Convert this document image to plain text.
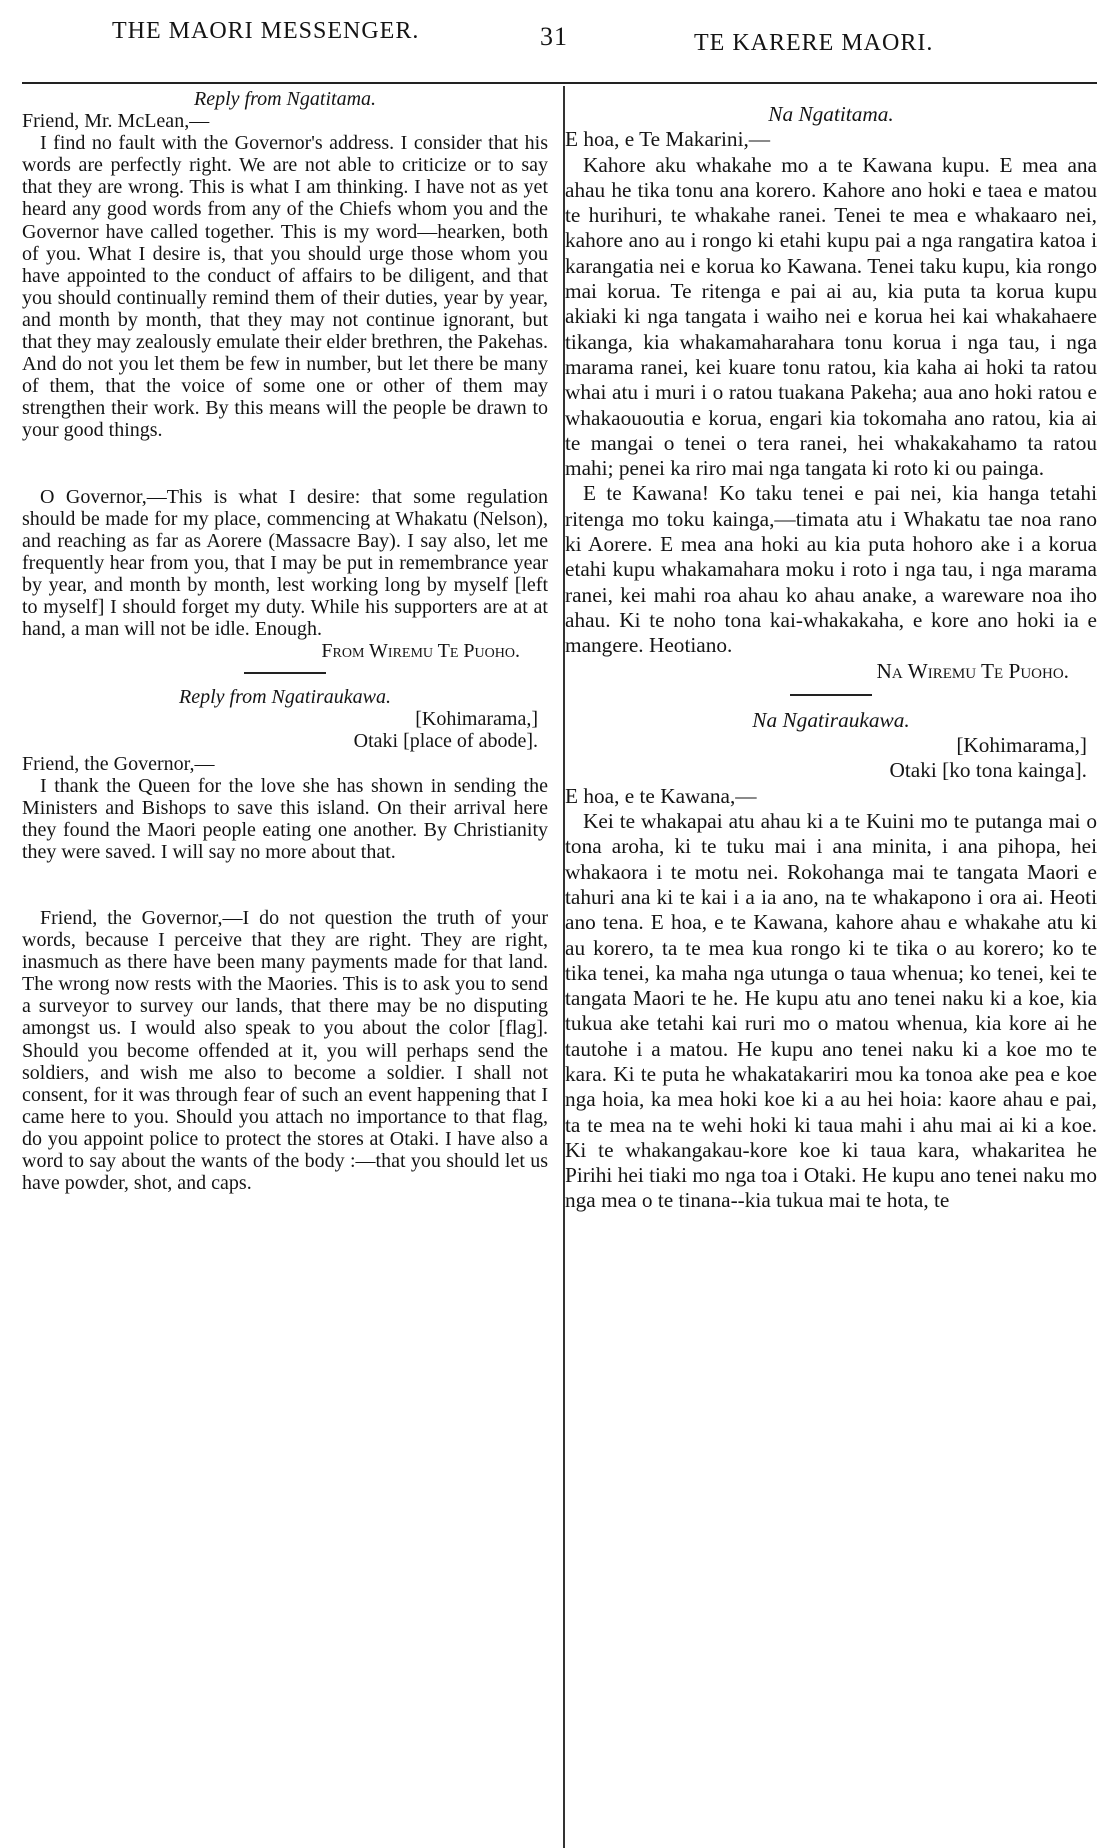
THE MAORI MESSENGER.	31	TE KARERE MAORI.

Reply from Ngatitama.

Friend, Mr. McLean,—

I find no fault with the Governor's address. I consider that his words are perfectly right. We are not able to criticize or to say that they are wrong. This is what I am thinking. I have not as yet heard any good words from any of the Chiefs whom you and the Governor have called together. This is my word—hearken, both of you. What I desire is, that you should urge those whom you have appointed to the conduct of affairs to be diligent, and that you should continually remind them of their duties, year by year, and month by month, that they may not continue ignorant, but that they may zealously emulate their elder brethren, the Pakehas. And do not you let them be few in number, but let there be many of them, that the voice of some one or other of them may strengthen their work. By this means will the people be drawn to your good things.

O Governor,—This is what I desire: that some regulation should be made for my place, commencing at Whakatu (Nelson), and reaching as far as Aorere (Massacre Bay). I say also, let me frequently hear from you, that I may be put in remembrance year by year, and month by month, lest working long by myself [left to myself] I should forget my duty. While his supporters are at at hand, a man will not be idle. Enough.

From Wiremu Te Puoho.

Reply from Ngatiraukawa.

[Kohimarama,]

Otaki [place of abode].

Friend, the Governor,—

I thank the Queen for the love she has shown in sending the Ministers and Bishops to save this island. On their arrival here they found the Maori people eating one another. By Christianity they were saved. I will say no more about that.

Friend, the Governor,—I do not question the truth of your words, because I perceive that they are right. They are right, inasmuch as there have been many payments made for that land. The wrong now rests with the Maories. This is to ask you to send a surveyor to survey our lands, that there may be no disputing amongst us. I would also speak to you about the color [flag]. Should you become offended at it, you will perhaps send the soldiers, and wish me also to become a soldier. I shall not consent, for it was through fear of such an event happening that I came here to you. Should you attach no importance to that flag, do you appoint police to protect the stores at Otaki. I have also a word to say about the wants of the body :—that you should let us have powder, shot, and caps.

Na Ngatitama.

E hoa, e Te Makarini,—

Kahore aku whakahe mo a te Kawana kupu. E mea ana ahau he tika tonu ana korero. Kahore ano hoki e taea e matou te hurihuri, te whakahe ranei. Tenei te mea e whakaaro nei, kahore ano au i rongo ki etahi kupu pai a nga rangatira katoa i karangatia nei e korua ko Kawana. Tenei taku kupu, kia rongo mai korua. Te ritenga e pai ai au, kia puta ta korua kupu akiaki ki nga tangata i waiho nei e korua hei kai whakahaere tikanga, kia whakamaharahara tonu korua i nga tau, i nga marama ranei, kei kuare tonu ratou, kia kaha ai hoki ta ratou whai atu i muri i o ratou tuakana Pakeha; aua ano hoki ratou e whakaououtia e korua, engari kia tokomaha ano ratou, kia ai te mangai o tenei o tera ranei, hei whakakahamo ta ratou mahi; penei ka riro mai nga tangata ki roto ki ou painga.

E te Kawana! Ko taku tenei e pai nei, kia hanga tetahi ritenga mo toku kainga,—timata atu i Whakatu tae noa rano ki Aorere. E mea ana hoki au kia puta hohoro ake i a korua etahi kupu whakamahara moku i roto i nga tau, i nga marama ranei, kei mahi roa ahau ko ahau anake, a wareware noa iho ahau. Ki te noho tona kai-whakakaha, e kore ano hoki ia e mangere. Heotiano.

Na Wiremu Te Puoho.

Na Ngatiraukawa.

[Kohimarama,]

Otaki [ko tona kainga].

E hoa, e te Kawana,—

Kei te whakapai atu ahau ki a te Kuini mo te putanga mai o tona aroha, ki te tuku mai i ana minita, i ana pihopa, hei whakaora i te motu nei. Rokohanga mai te tangata Maori e tahuri ana ki te kai i a ia ano, na te whakapono i ora ai. Heoti ano tena. E hoa, e te Kawana, kahore ahau e whakahe atu ki au korero, ta te mea kua rongo ki te tika o au korero; ko te tika tenei, ka maha nga utunga o taua whenua; ko tenei, kei te tangata Maori te he. He kupu atu ano tenei naku ki a koe, kia tukua ake tetahi kai ruri mo o matou whenua, kia kore ai he tautohe i a matou. He kupu ano tenei naku ki a koe mo te kara. Ki te puta he whakatakariri mou ka tonoa ake pea e koe nga hoia, ka mea hoki koe ki a au hei hoia: kaore ahau e pai, ta te mea na te wehi hoki ki taua mahi i ahu mai ai ki a koe. Ki te whakangakau-kore koe ki taua kara, whakaritea he Pirihi hei tiaki mo nga toa i Otaki. He kupu ano tenei naku mo nga mea o te tinana--kia tukua mai te hota, te
